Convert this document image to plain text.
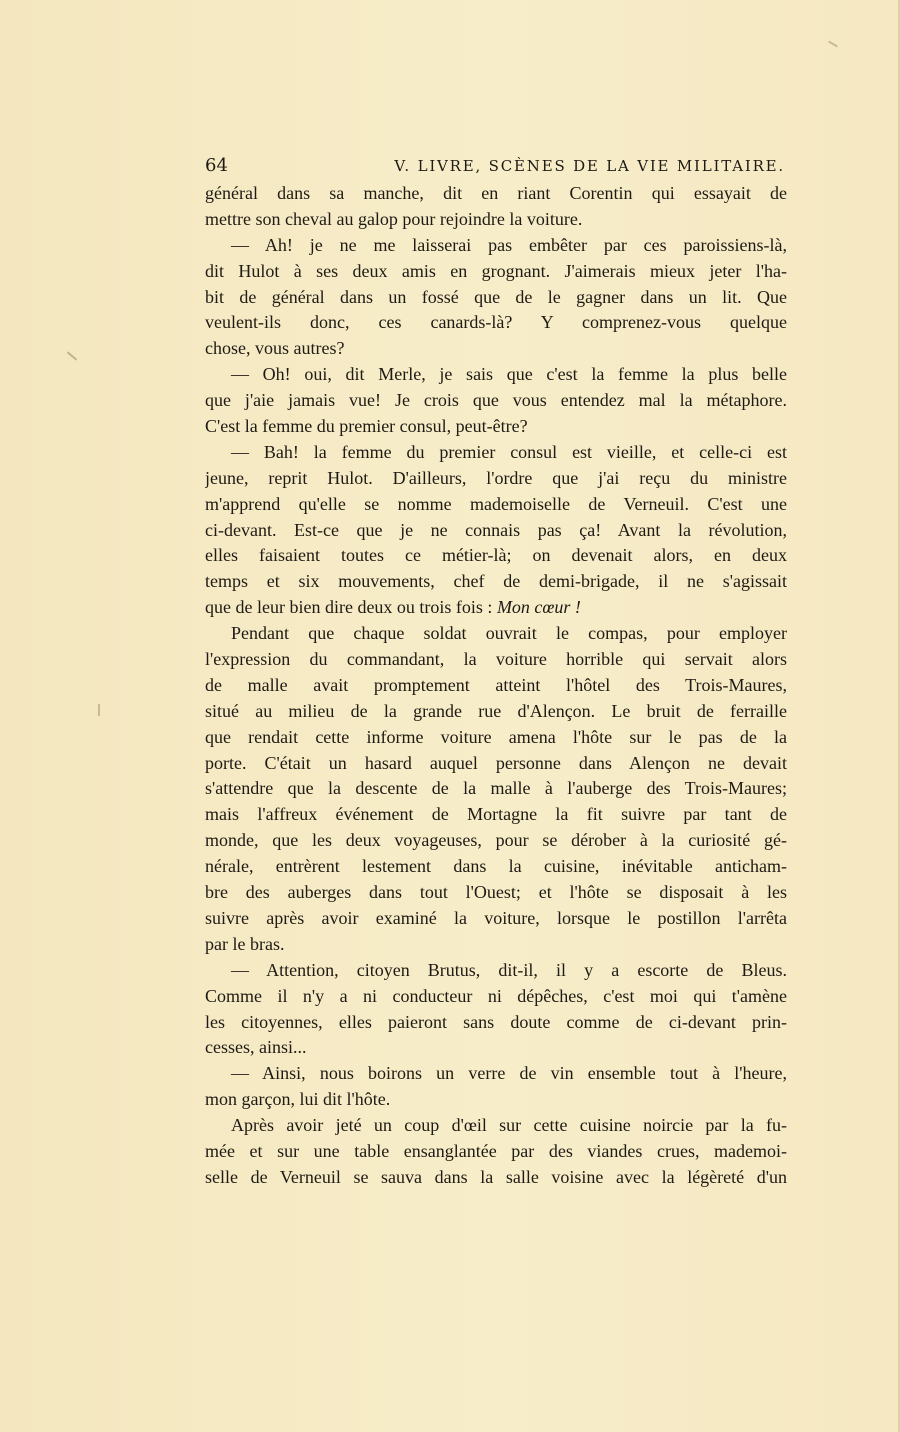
64	V. LIVRE, SCÈNES DE LA VIE MILITAIRE.
général dans sa manche, dit en riant Corentin qui essayait de
mettre son cheval au galop pour rejoindre la voiture.
— Ah! je ne me laisserai pas embêter par ces paroissiens-là,
dit Hulot à ses deux amis en grognant. J'aimerais mieux jeter l'ha-
bit de général dans un fossé que de le gagner dans un lit. Que
veulent-ils donc, ces canards-là? Y comprenez-vous quelque
chose, vous autres?
— Oh! oui, dit Merle, je sais que c'est la femme la plus belle
que j'aie jamais vue! Je crois que vous entendez mal la métaphore.
C'est la femme du premier consul, peut-être?
— Bah! la femme du premier consul est vieille, et celle-ci est
jeune, reprit Hulot. D'ailleurs, l'ordre que j'ai reçu du ministre
m'apprend qu'elle se nomme mademoiselle de Verneuil. C'est une
ci-devant. Est-ce que je ne connais pas ça! Avant la révolution,
elles faisaient toutes ce métier-là; on devenait alors, en deux
temps et six mouvements, chef de demi-brigade, il ne s'agissait
que de leur bien dire deux ou trois fois : Mon cœur !
Pendant que chaque soldat ouvrait le compas, pour employer
l'expression du commandant, la voiture horrible qui servait alors
de malle avait promptement atteint l'hôtel des Trois-Maures,
situé au milieu de la grande rue d'Alençon. Le bruit de ferraille
que rendait cette informe voiture amena l'hôte sur le pas de la
porte. C'était un hasard auquel personne dans Alençon ne devait
s'attendre que la descente de la malle à l'auberge des Trois-Maures;
mais l'affreux événement de Mortagne la fit suivre par tant de
monde, que les deux voyageuses, pour se dérober à la curiosité gé-
nérale, entrèrent lestement dans la cuisine, inévitable anticham-
bre des auberges dans tout l'Ouest; et l'hôte se disposait à les
suivre après avoir examiné la voiture, lorsque le postillon l'arrêta
par le bras.
— Attention, citoyen Brutus, dit-il, il y a escorte de Bleus.
Comme il n'y a ni conducteur ni dépêches, c'est moi qui t'amène
les citoyennes, elles paieront sans doute comme de ci-devant prin-
cesses, ainsi...
— Ainsi, nous boirons un verre de vin ensemble tout à l'heure,
mon garçon, lui dit l'hôte.
Après avoir jeté un coup d'œil sur cette cuisine noircie par la fu-
mée et sur une table ensanglantée par des viandes crues, mademoi-
selle de Verneuil se sauva dans la salle voisine avec la légèreté d'un
